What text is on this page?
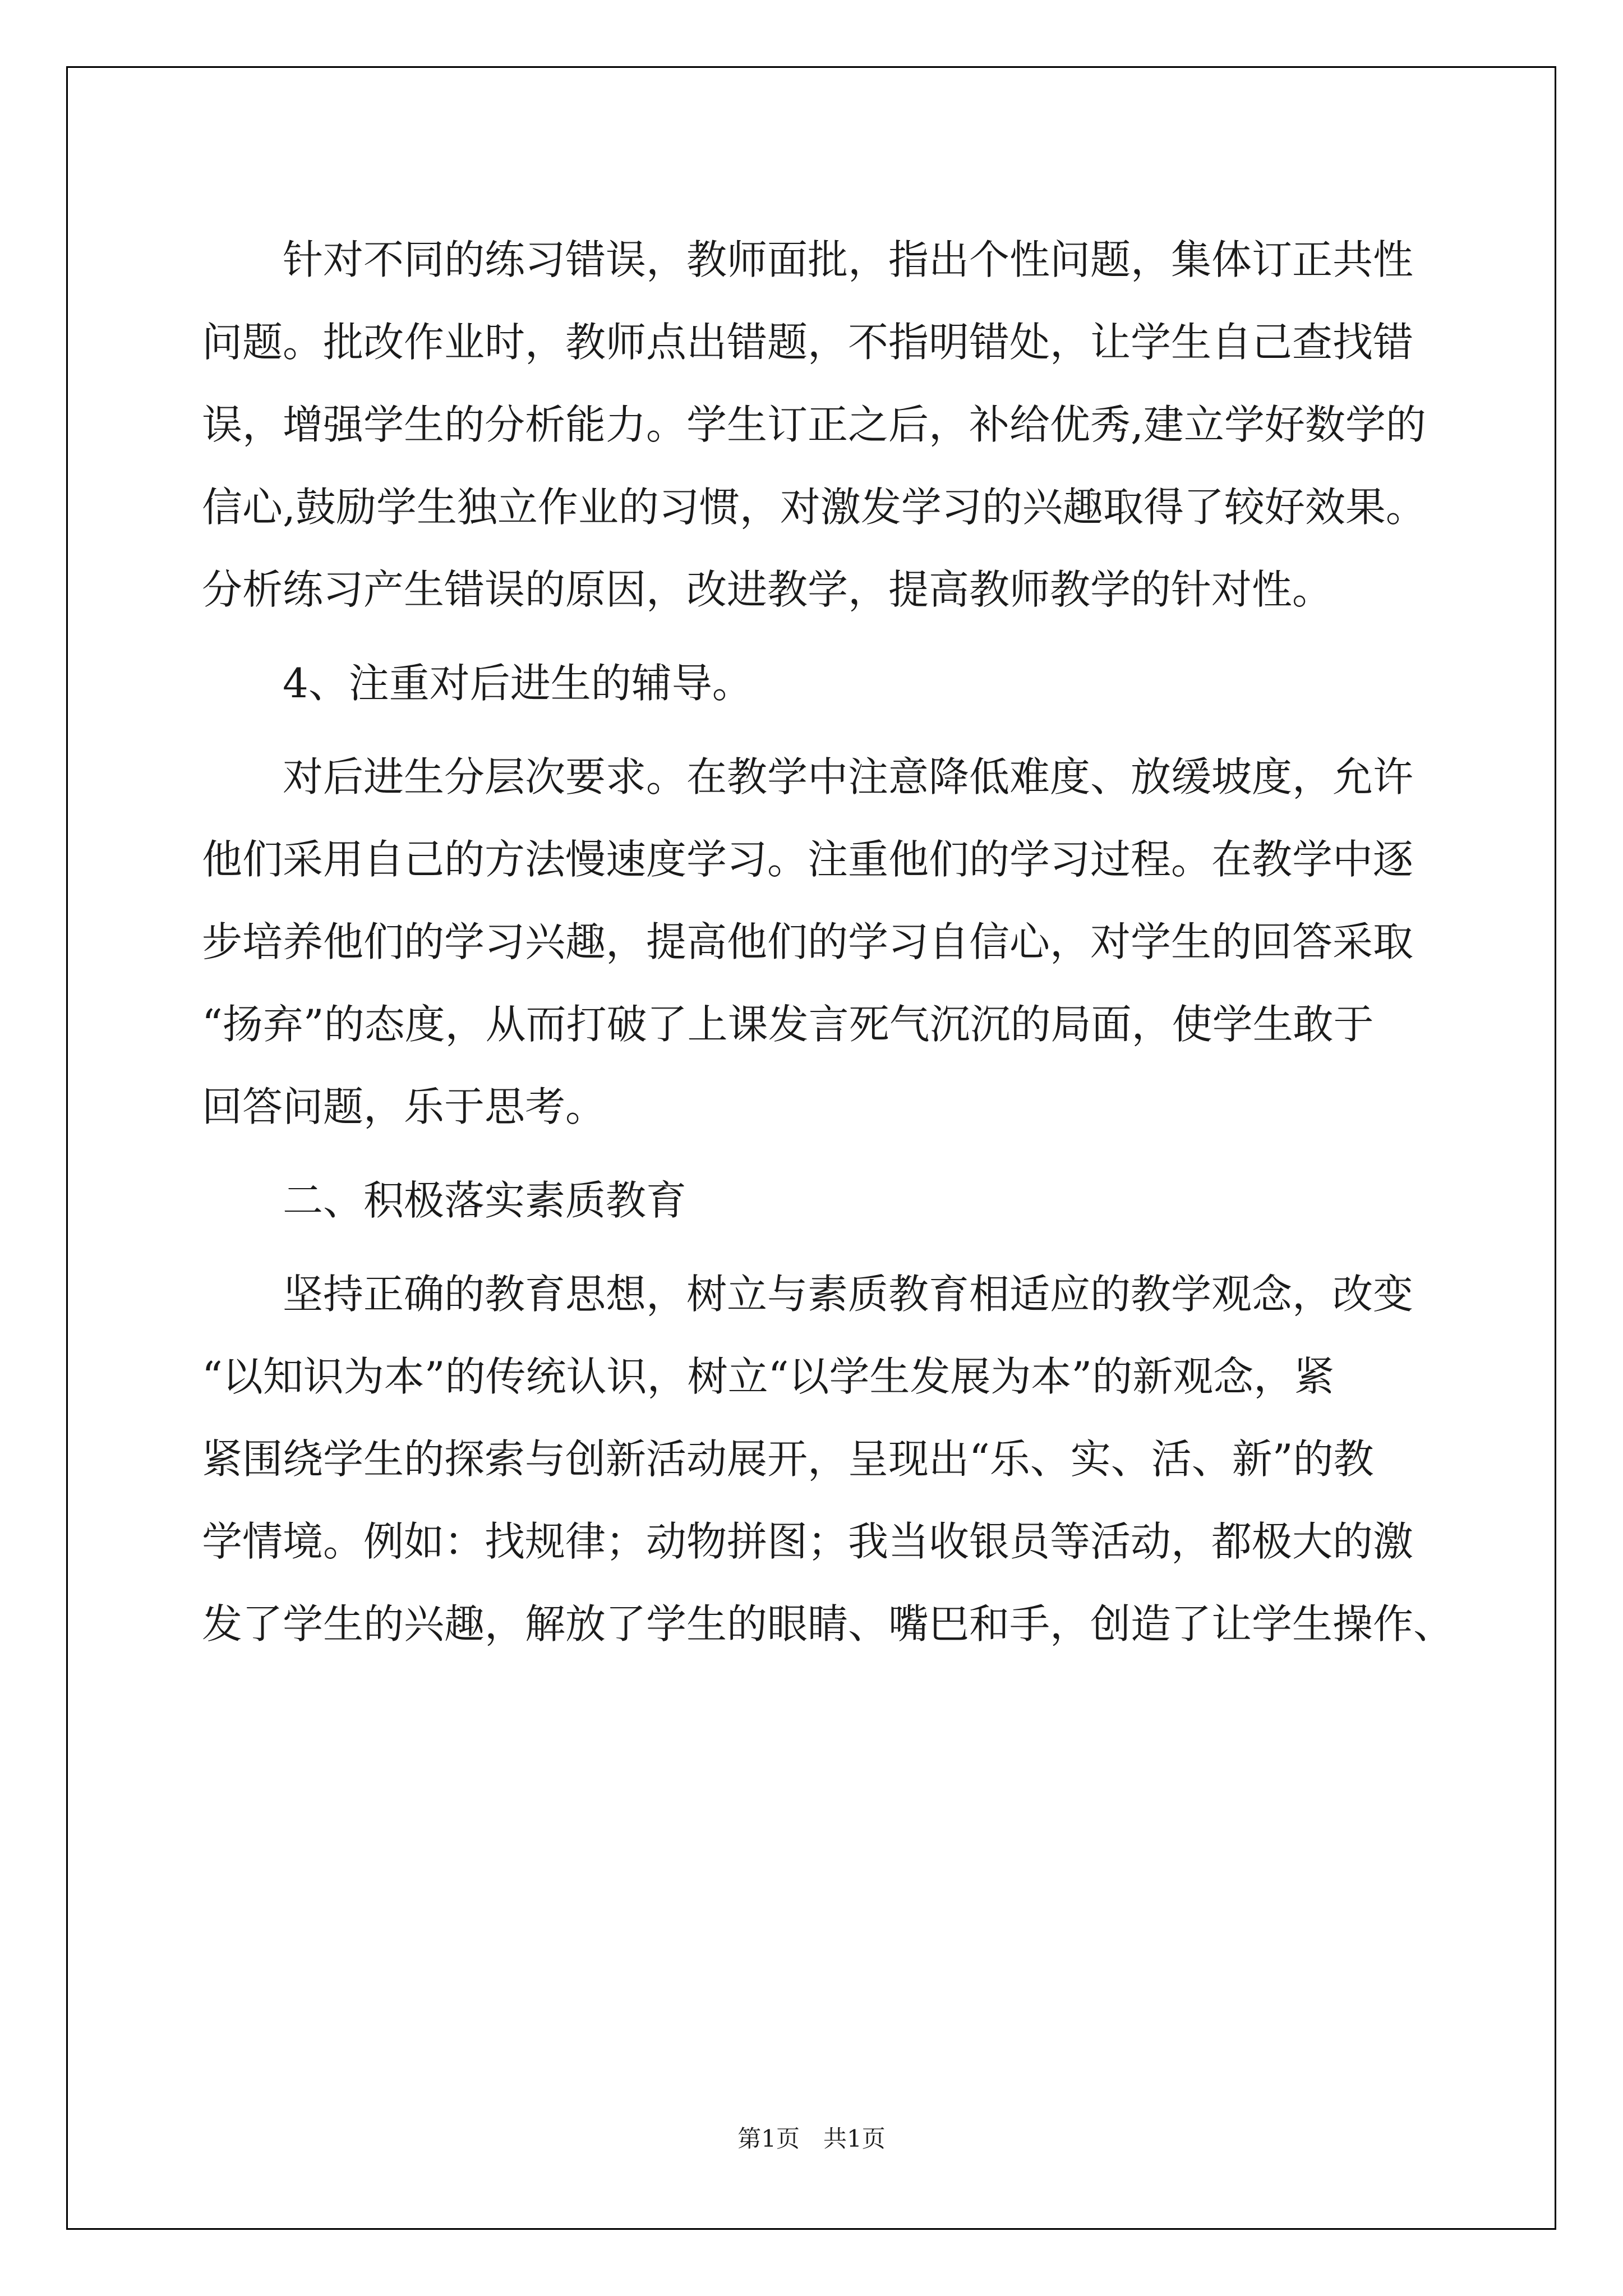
针对不同的练习错误，教师面批，指出个性问题，集体订正共性
问题。批改作业时，教师点出错题，不指明错处，让学生自己查找错
误，增强学生的分析能力。学生订正之后，补给优秀,建立学好数学的
信心,鼓励学生独立作业的习惯，对激发学习的兴趣取得了较好效果。
分析练习产生错误的原因，改进教学，提高教师教学的针对性。
4、注重对后进生的辅导。
对后进生分层次要求。在教学中注意降低难度、放缓坡度，允许
他们采用自己的方法慢速度学习。注重他们的学习过程。在教学中逐
步培养他们的学习兴趣，提高他们的学习自信心，对学生的回答采取
“扬弃”的态度，从而打破了上课发言死气沉沉的局面，使学生敢于
回答问题，乐于思考。
二、积极落实素质教育
坚持正确的教育思想，树立与素质教育相适应的教学观念，改变
“以知识为本”的传统认识，树立“以学生发展为本”的新观念，紧
紧围绕学生的探索与创新活动展开，呈现出“乐、实、活、新”的教
学情境。例如：找规律；动物拼图；我当收银员等活动，都极大的激
发了学生的兴趣，解放了学生的眼睛、嘴巴和手，创造了让学生操作、
第1页　共1页
